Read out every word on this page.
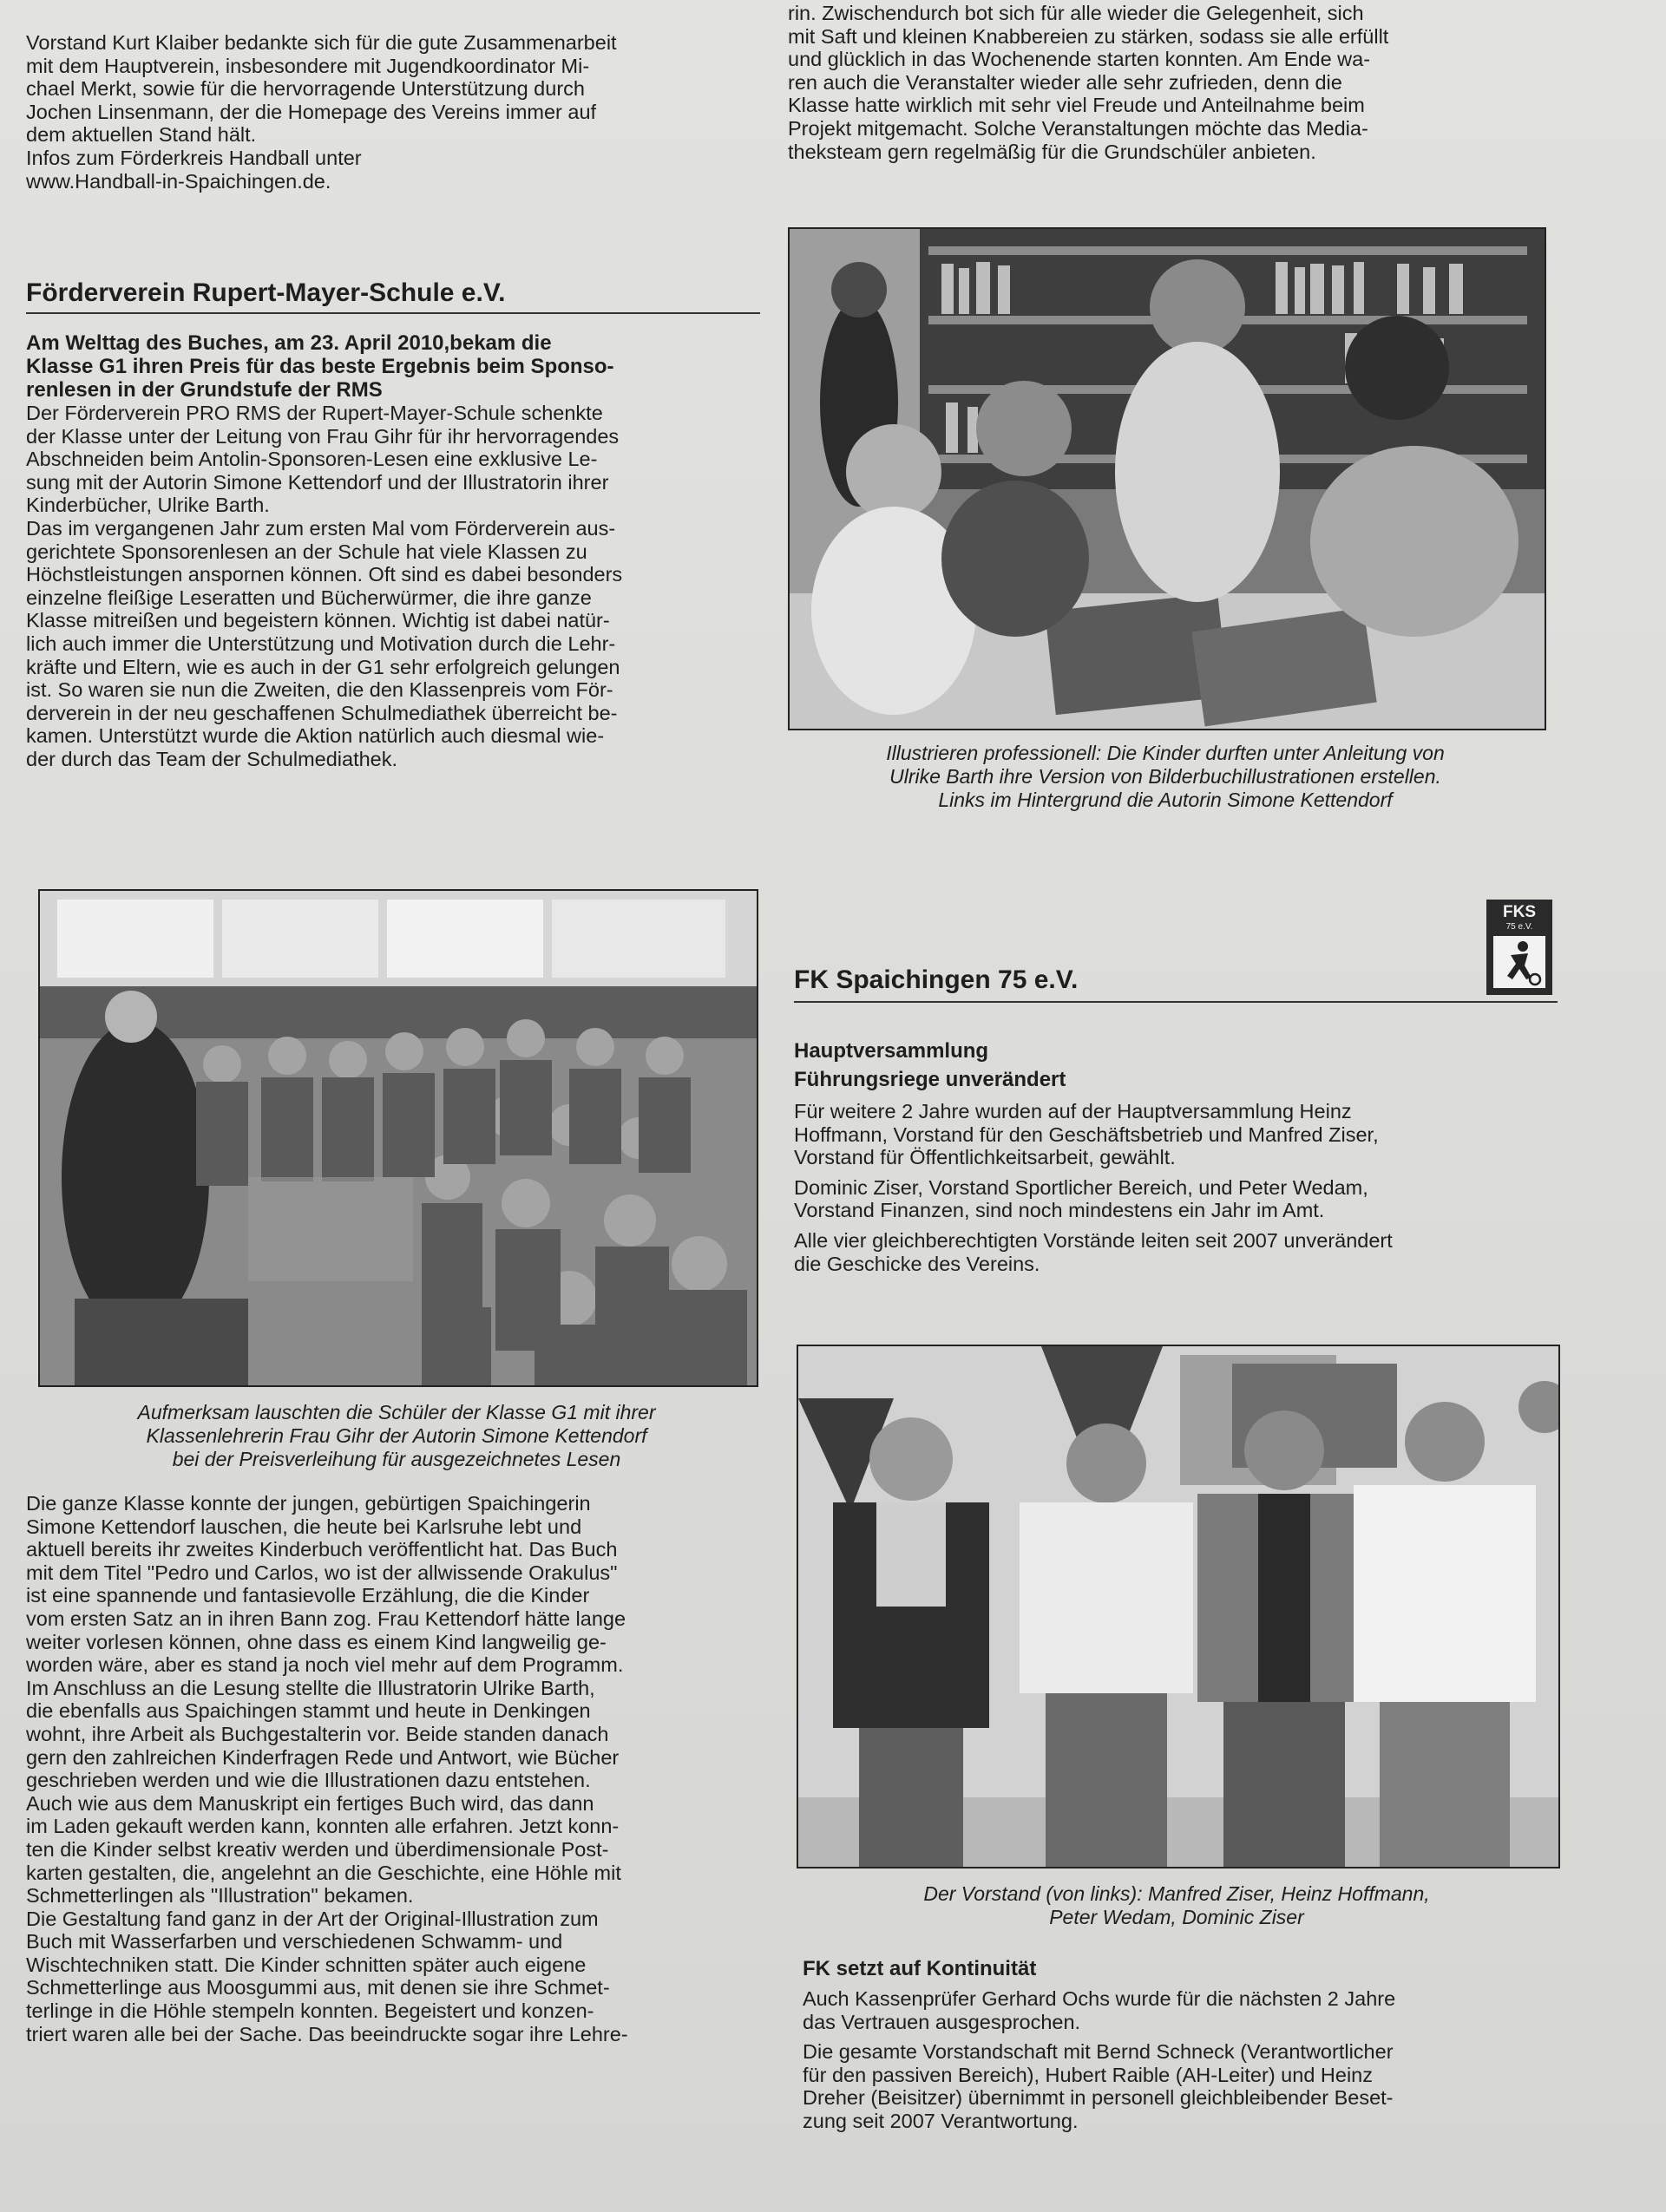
Vorstand Kurt Klaiber bedankte sich für die gute Zusammenarbeit
mit dem Hauptverein, insbesondere mit Jugendkoordinator Mi-
chael Merkt, sowie für die hervorragende Unterstützung durch
Jochen Linsenmann, der die Homepage des Vereins immer auf
dem aktuellen Stand hält.
Infos zum Förderkreis Handball unter
www.Handball-in-Spaichingen.de.
Förderverein Rupert-Mayer-Schule e.V.
Am Welttag des Buches, am 23. April 2010,bekam die
Klasse G1 ihren Preis für das beste Ergebnis beim Sponso-
renlesen in der Grundstufe der RMS
Der Förderverein PRO RMS der Rupert-Mayer-Schule schenkte
der Klasse unter der Leitung von Frau Gihr für ihr hervorragendes
Abschneiden beim Antolin-Sponsoren-Lesen eine exklusive Le-
sung mit der Autorin Simone Kettendorf und der Illustratorin ihrer
Kinderbücher, Ulrike Barth.
Das im vergangenen Jahr zum ersten Mal vom Förderverein aus-
gerichtete Sponsorenlesen an der Schule hat viele Klassen zu
Höchstleistungen anspornen können. Oft sind es dabei besonders
einzelne fleißige Leseratten und Bücherwürmer, die ihre ganze
Klasse mitreißen und begeistern können. Wichtig ist dabei natür-
lich auch immer die Unterstützung und Motivation durch die Lehr-
kräfte und Eltern, wie es auch in der G1 sehr erfolgreich gelungen
ist. So waren sie nun die Zweiten, die den Klassenpreis vom För-
derverein in der neu geschaffenen Schulmediathek überreicht be-
kamen. Unterstützt wurde die Aktion natürlich auch diesmal wie-
der durch das Team der Schulmediathek.
Aufmerksam lauschten die Schüler der Klasse G1 mit ihrer
Klassenlehrerin Frau Gihr der Autorin Simone Kettendorf
bei der Preisverleihung für ausgezeichnetes Lesen
Die ganze Klasse konnte der jungen, gebürtigen Spaichingerin
Simone Kettendorf lauschen, die heute bei Karlsruhe lebt und
aktuell bereits ihr zweites Kinderbuch veröffentlicht hat. Das Buch
mit dem Titel "Pedro und Carlos, wo ist der allwissende Orakulus"
ist eine spannende und fantasievolle Erzählung, die die Kinder
vom ersten Satz an in ihren Bann zog. Frau Kettendorf hätte lange
weiter vorlesen können, ohne dass es einem Kind langweilig ge-
worden wäre, aber es stand ja noch viel mehr auf dem Programm.
Im Anschluss an die Lesung stellte die Illustratorin Ulrike Barth,
die ebenfalls aus Spaichingen stammt und heute in Denkingen
wohnt, ihre Arbeit als Buchgestalterin vor. Beide standen danach
gern den zahlreichen Kinderfragen Rede und Antwort, wie Bücher
geschrieben werden und wie die Illustrationen dazu entstehen.
Auch wie aus dem Manuskript ein fertiges Buch wird, das dann
im Laden gekauft werden kann, konnten alle erfahren. Jetzt konn-
ten die Kinder selbst kreativ werden und überdimensionale Post-
karten gestalten, die, angelehnt an die Geschichte, eine Höhle mit
Schmetterlingen als "Illustration" bekamen.
Die Gestaltung fand ganz in der Art der Original-Illustration zum
Buch mit Wasserfarben und verschiedenen Schwamm- und
Wischtechniken statt. Die Kinder schnitten später auch eigene
Schmetterlinge aus Moosgummi aus, mit denen sie ihre Schmet-
terlinge in die Höhle stempeln konnten. Begeistert und konzen-
triert waren alle bei der Sache. Das beeindruckte sogar ihre Lehre-
rin. Zwischendurch bot sich für alle wieder die Gelegenheit, sich
mit Saft und kleinen Knabbereien zu stärken, sodass sie alle erfüllt
und glücklich in das Wochenende starten konnten. Am Ende wa-
ren auch die Veranstalter wieder alle sehr zufrieden, denn die
Klasse hatte wirklich mit sehr viel Freude und Anteilnahme beim
Projekt mitgemacht. Solche Veranstaltungen möchte das Media-
theksteam gern regelmäßig für die Grundschüler anbieten.
Illustrieren professionell: Die Kinder durften unter Anleitung von
Ulrike Barth ihre Version von Bilderbuchillustrationen erstellen.
Links im Hintergrund die Autorin Simone Kettendorf
FKS
75 e.V.
FK Spaichingen 75 e.V.
Hauptversammlung
Führungsriege unverändert
Für weitere 2 Jahre wurden auf der Hauptversammlung Heinz
Hoffmann, Vorstand für den Geschäftsbetrieb und Manfred Ziser,
Vorstand für Öffentlichkeitsarbeit, gewählt.
Dominic Ziser, Vorstand Sportlicher Bereich, und Peter Wedam,
Vorstand Finanzen, sind noch mindestens ein Jahr im Amt.
Alle vier gleichberechtigten Vorstände leiten seit 2007 unverändert
die Geschicke des Vereins.
Der Vorstand (von links): Manfred Ziser, Heinz Hoffmann,
Peter Wedam, Dominic Ziser
FK setzt auf Kontinuität
Auch Kassenprüfer Gerhard Ochs wurde für die nächsten 2 Jahre
das Vertrauen ausgesprochen.
Die gesamte Vorstandschaft mit Bernd Schneck (Verantwortlicher
für den passiven Bereich), Hubert Raible (AH-Leiter) und Heinz
Dreher (Beisitzer) übernimmt in personell gleichbleibender Beset-
zung seit 2007 Verantwortung.
